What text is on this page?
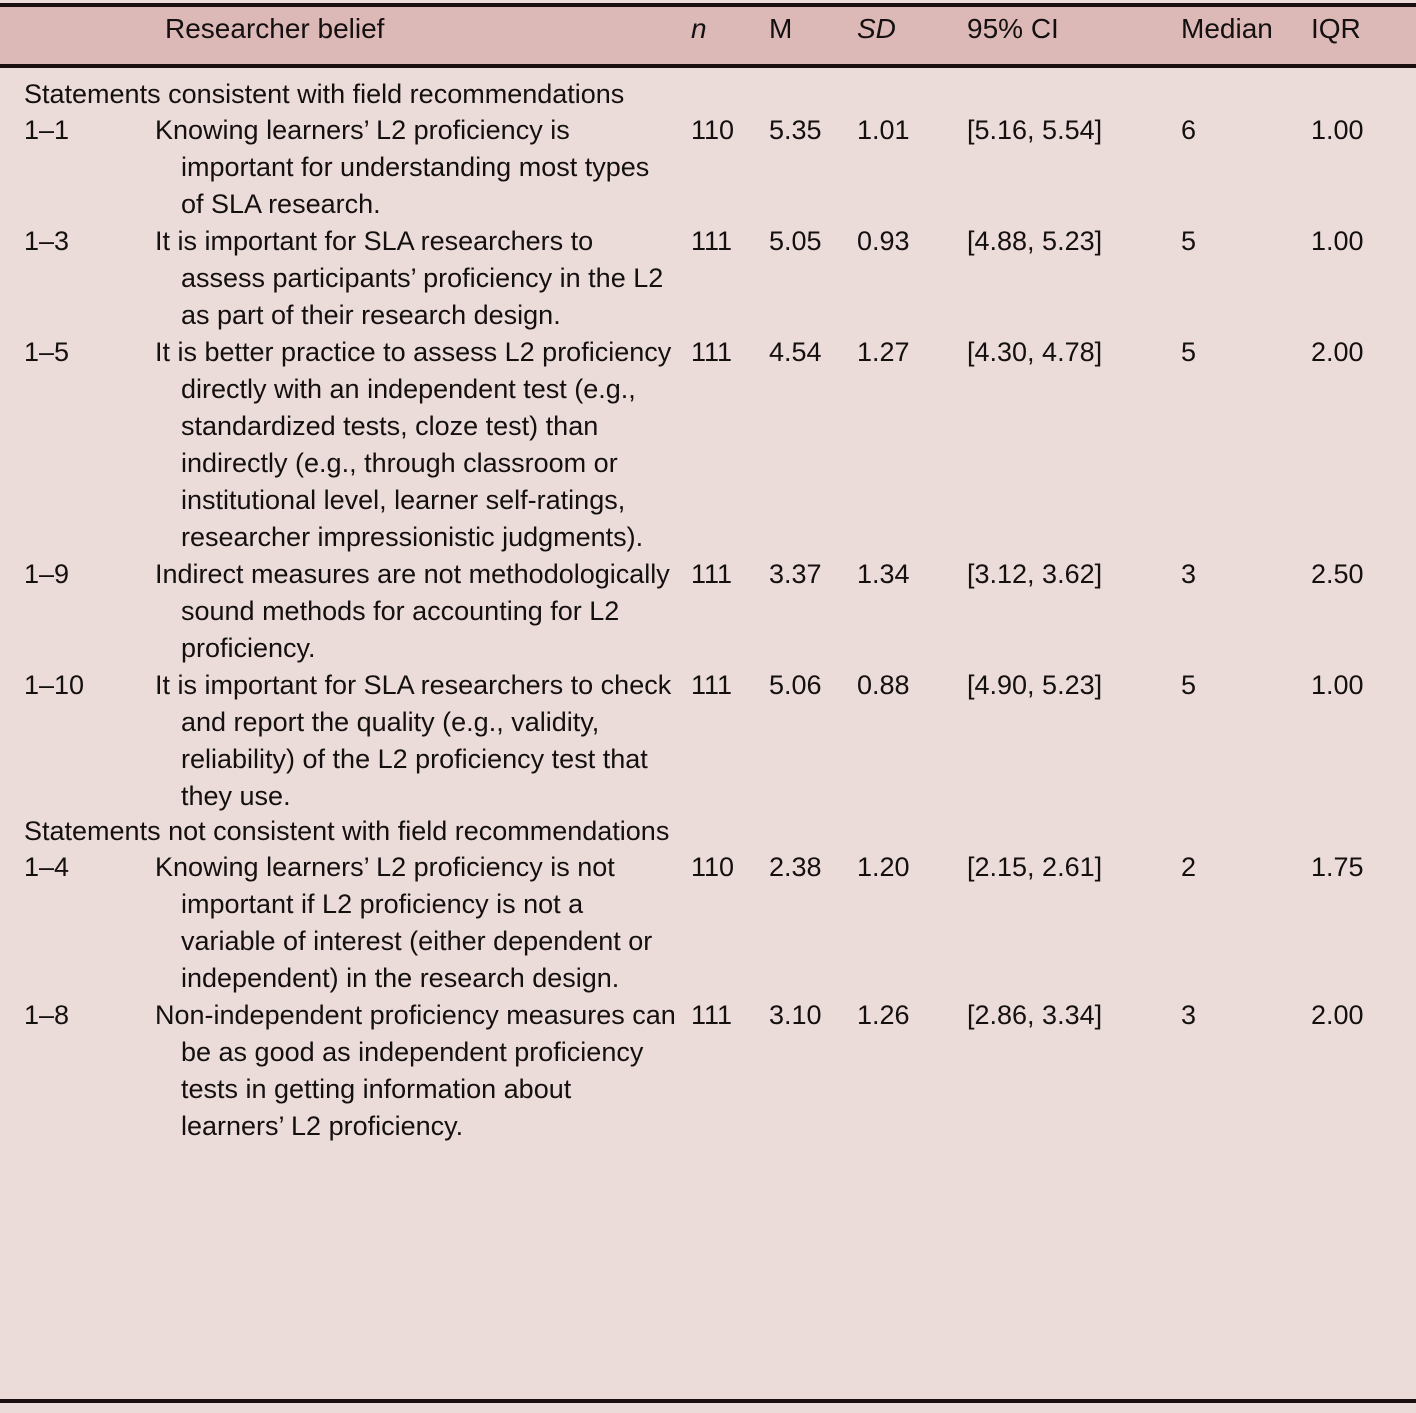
	Researcher belief	n	M	SD	95% CI	Median	IQR

Statements consistent with field recommendations							
1–1	Knowing learners’ L2 proficiency is important for understanding most types of SLA research.	110	5.35	1.01	[5.16, 5.54]	6	1.00
1–3	It is important for SLA researchers to assess participants’ proficiency in the L2 as part of their research design.	111	5.05	0.93	[4.88, 5.23]	5	1.00
1–5	It is better practice to assess L2 proficiency directly with an independent test (e.g., standardized tests, cloze test) than indirectly (e.g., through classroom or institutional level, learner self-ratings, researcher impressionistic judgments).	111	4.54	1.27	[4.30, 4.78]	5	2.00
1–9	Indirect measures are not methodologically sound methods for accounting for L2 proficiency.	111	3.37	1.34	[3.12, 3.62]	3	2.50
1–10	It is important for SLA researchers to check and report the quality (e.g., validity, reliability) of the L2 proficiency test that they use.	111	5.06	0.88	[4.90, 5.23]	5	1.00
Statements not consistent with field recommendations							
1–4	Knowing learners’ L2 proficiency is not important if L2 proficiency is not a variable of interest (either dependent or independent) in the research design.	110	2.38	1.20	[2.15, 2.61]	2	1.75
1–8	Non-independent proficiency measures can be as good as independent proficiency tests in getting information about learners’ L2 proficiency.	111	3.10	1.26	[2.86, 3.34]	3	2.00
